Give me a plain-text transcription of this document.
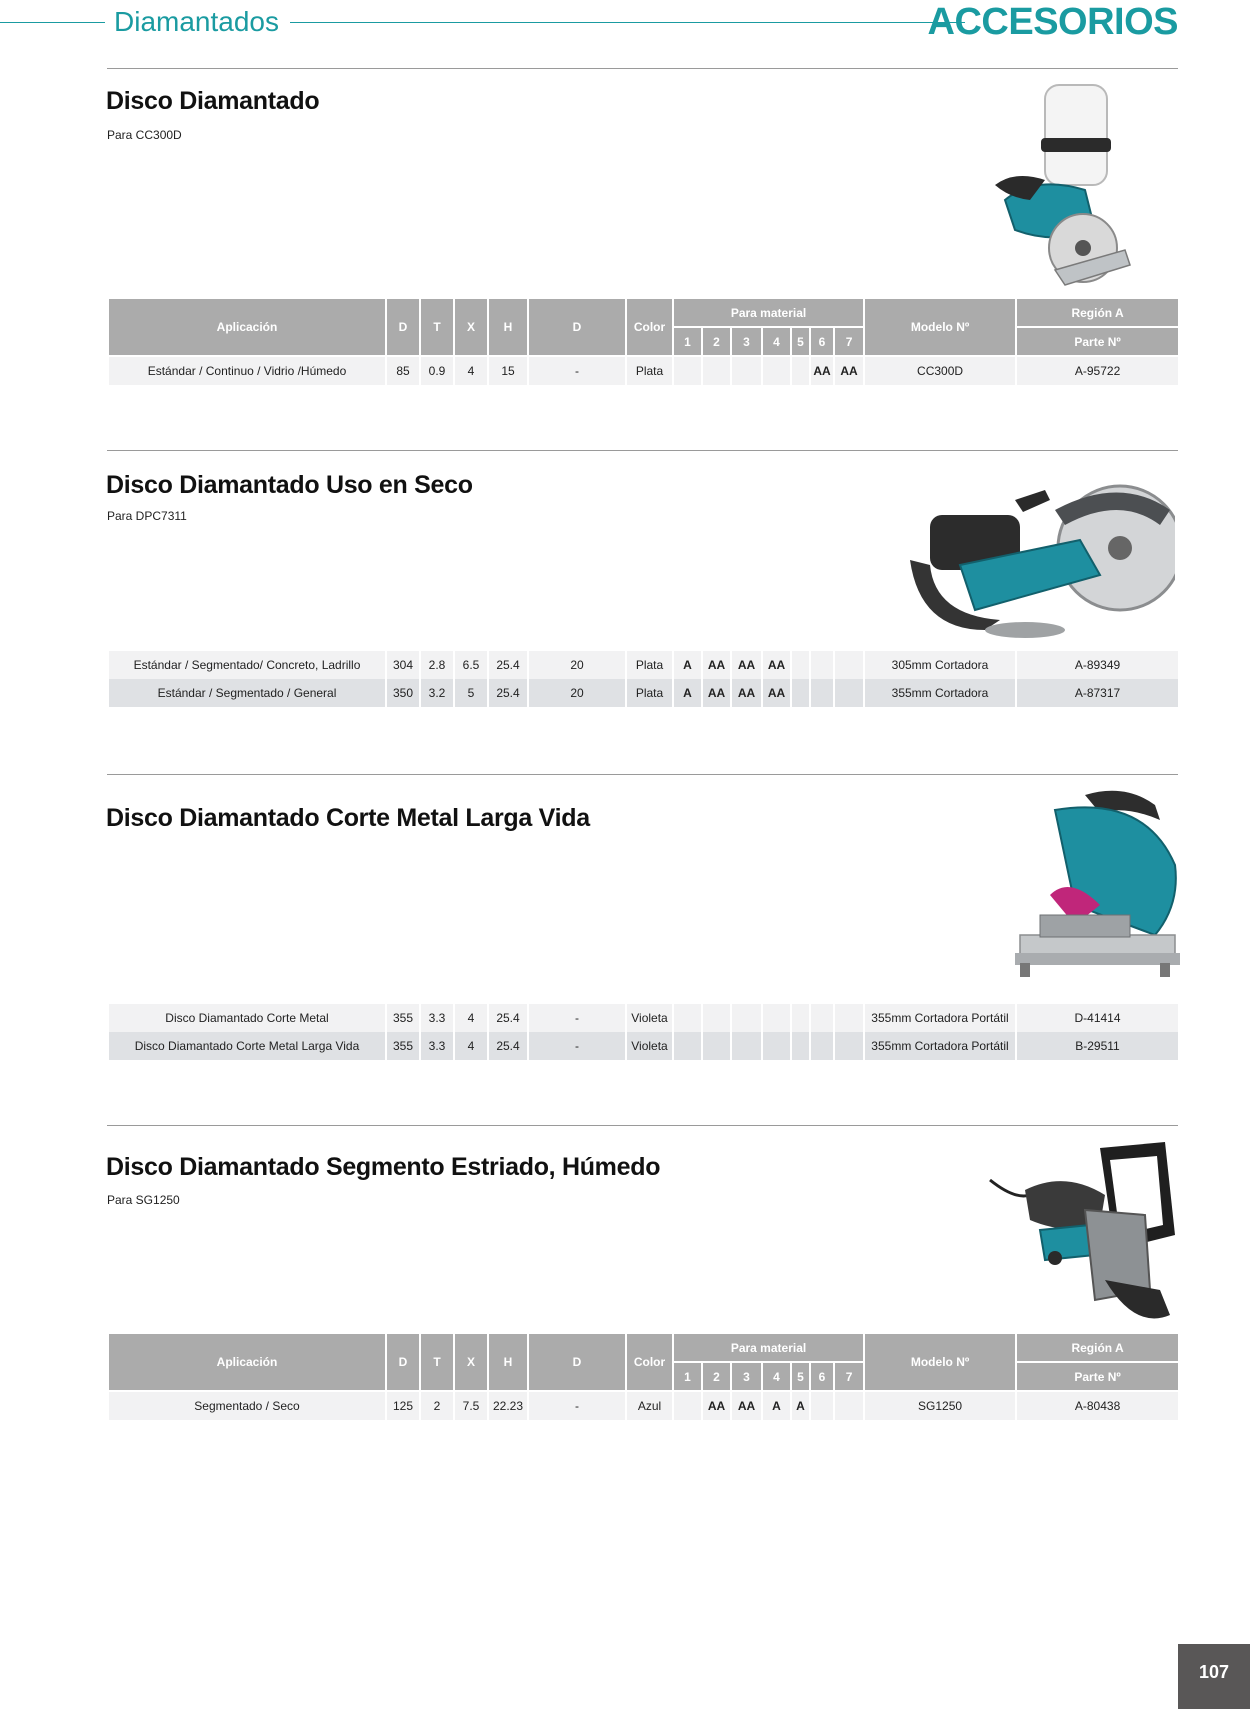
Diamantados	ACCESORIOS
Disco Diamantado
Para CC300D
Aplicación	D	T	X	H	D	Color	Para material							Modelo Nº	Región A
							1	2	3	4	5	6	7		Parte Nº
Estándar / Continuo / Vidrio /Húmedo	85	0.9	4	15	-	Plata						AA	AA	CC300D	A-95722
Disco Diamantado Uso en Seco
Para DPC7311
Estándar / Segmentado/ Concreto, Ladrillo	304	2.8	6.5	25.4	20	Plata	A	AA	AA	AA				305mm Cortadora	A-89349
Estándar / Segmentado / General	350	3.2	5	25.4	20	Plata	A	AA	AA	AA				355mm Cortadora	A-87317
Disco Diamantado Corte Metal Larga Vida
Disco Diamantado Corte Metal	355	3.3	4	25.4	-	Violeta								355mm Cortadora Portátil	D-41414
Disco Diamantado Corte Metal Larga Vida	355	3.3	4	25.4	-	Violeta								355mm Cortadora Portátil	B-29511
Disco Diamantado Segmento Estriado, Húmedo
Para SG1250
Aplicación	D	T	X	H	D	Color	Para material							Modelo Nº	Región A
							1	2	3	4	5	6	7		Parte Nº
Segmentado / Seco	125	2	7.5	22.23	-	Azul		AA	AA	A	A			SG1250	A-80438
107
